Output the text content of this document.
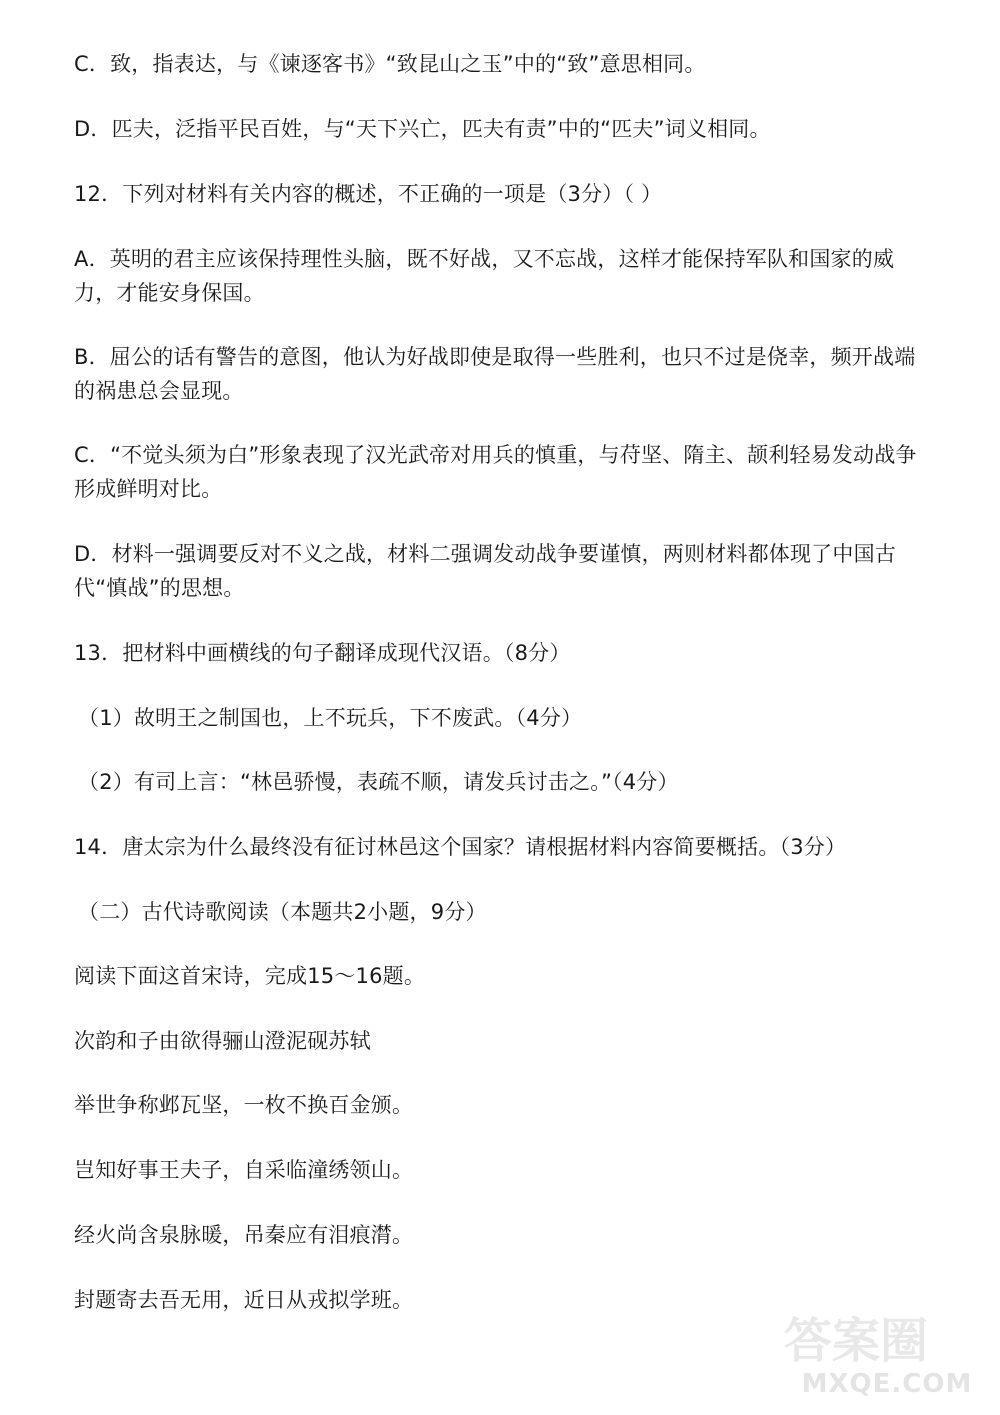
C．致，指表达，与《谏逐客书》“致昆山之玉”中的“致”意思相同。
D．匹夫，泛指平民百姓，与“天下兴亡，匹夫有责”中的“匹夫”词义相同。
12．下列对材料有关内容的概述，不正确的一项是（3分）（ ）
A．英明的君主应该保持理性头脑，既不好战，又不忘战，这样才能保持军队和国家的威力，才能安身保国。
B．屈公的话有警告的意图，他认为好战即使是取得一些胜利，也只不过是侥幸，频开战端的祸患总会显现。
C．“不觉头须为白”形象表现了汉光武帝对用兵的慎重，与苻坚、隋主、颉利轻易发动战争形成鲜明对比。
D．材料一强调要反对不义之战，材料二强调发动战争要谨慎，两则材料都体现了中国古代“慎战”的思想。
13．把材料中画横线的句子翻译成现代汉语。（8分）
（1）故明王之制国也，上不玩兵，下不废武。（4分）
（2）有司上言：“林邑骄慢，表疏不顺，请发兵讨击之。”（4分）
14．唐太宗为什么最终没有征讨林邑这个国家？请根据材料内容简要概括。（3分）
（二）古代诗歌阅读（本题共2小题，9分）
阅读下面这首宋诗，完成15～16题。
次韵和子由欲得骊山澄泥砚苏轼
举世争称邺瓦坚，一枚不换百金颁。
岂知好事王夫子，自采临潼绣领山。
经火尚含泉脉暖，吊秦应有泪痕潸。
封题寄去吾无用，近日从戎拟学班。
答案圈
MXQE.COM
